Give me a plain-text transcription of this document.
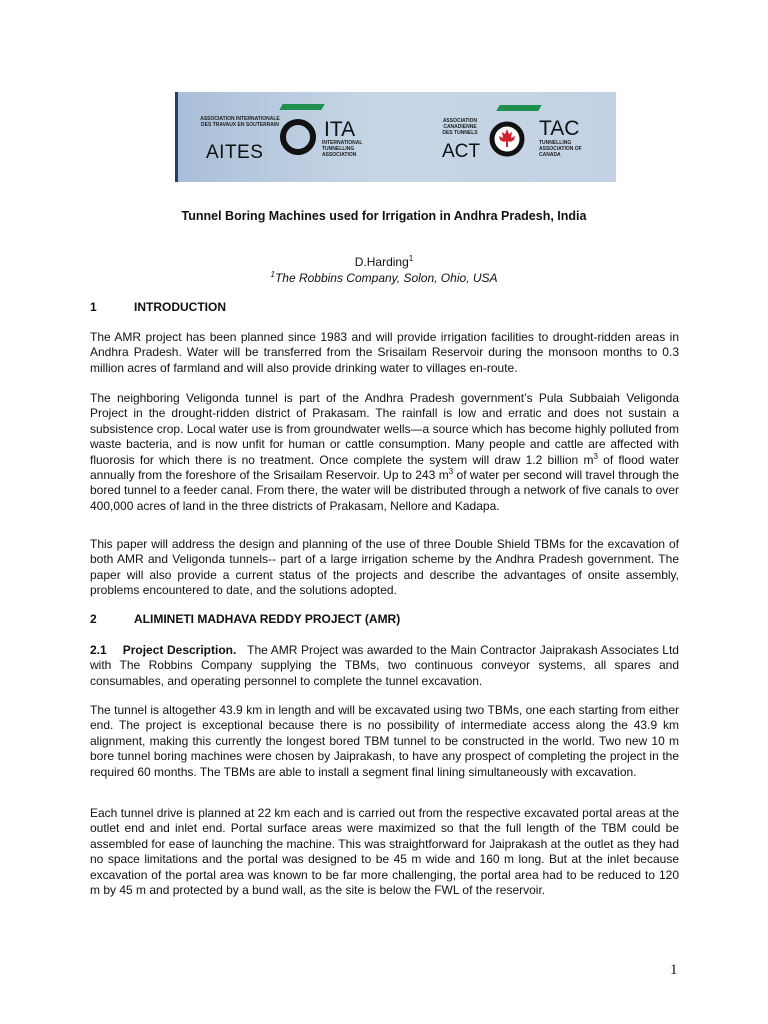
ASSOCIATION INTERNATIONALE DES TRAVAUX EN SOUTERRAIN
AITES
ITA
INTERNATIONAL TUNNELLING ASSOCIATION
ASSOCIATION CANADIENNE DES TUNNELS
ACT
TAC
TUNNELLING ASSOCIATION OF CANADA
Tunnel Boring Machines used for Irrigation in Andhra Pradesh, India
D.Harding$^1$
$^1$The Robbins Company, Solon, Ohio, USA
1	INTRODUCTION

The AMR project has been planned since 1983 and will provide irrigation facilities to drought-ridden areas in Andhra Pradesh. Water will be transferred from the Srisailam Reservoir during the monsoon months to 0.3 million acres of farmland and will also provide drinking water to villages en-route.

The neighboring Veligonda tunnel is part of the Andhra Pradesh government’s Pula Subbaiah Veligonda Project in the drought-ridden district of Prakasam. The rainfall is low and erratic and does not sustain a subsistence crop. Local water use is from groundwater wells—a source which has become highly polluted from waste bacteria, and is now unfit for human or cattle consumption. Many people and cattle are affected with fluorosis for which there is no treatment. Once complete the system will draw 1.2 billion $m^3$ of flood water annually from the foreshore of the Srisailam Reservoir. Up to 243 $m^3$ of water per second will travel through the bored tunnel to a feeder canal. From there, the water will be distributed through a network of five canals to over 400,000 acres of land in the three districts of Prakasam, Nellore and Kadapa.

This paper will address the design and planning of the use of three Double Shield TBMs for the excavation of both AMR and Veligonda tunnels-- part of a large irrigation scheme by the Andhra Pradesh government. The paper will also provide a current status of the projects and describe the advantages of onsite assembly, problems encountered to date, and the solutions adopted.

2	ALIMINETI MADHAVA REDDY PROJECT (AMR)

2.1 Project Description. The AMR Project was awarded to the Main Contractor Jaiprakash Associates Ltd with The Robbins Company supplying the TBMs, two continuous conveyor systems, all spares and consumables, and operating personnel to complete the tunnel excavation.

The tunnel is altogether 43.9 km in length and will be excavated using two TBMs, one each starting from either end. The project is exceptional because there is no possibility of intermediate access along the 43.9 km alignment, making this currently the longest bored TBM tunnel to be constructed in the world. Two new 10 m bore tunnel boring machines were chosen by Jaiprakash, to have any prospect of completing the project in the required 60 months. The TBMs are able to install a segment final lining simultaneously with excavation.

Each tunnel drive is planned at 22 km each and is carried out from the respective excavated portal areas at the outlet end and inlet end. Portal surface areas were maximized so that the full length of the TBM could be assembled for ease of launching the machine. This was straightforward for Jaiprakash at the outlet as they had no space limitations and the portal was designed to be 45 m wide and 160 m long. But at the inlet because excavation of the portal area was known to be far more challenging, the portal area had to be reduced to 120 m by 45 m and protected by a bund wall, as the site is below the FWL of the reservoir.

1
